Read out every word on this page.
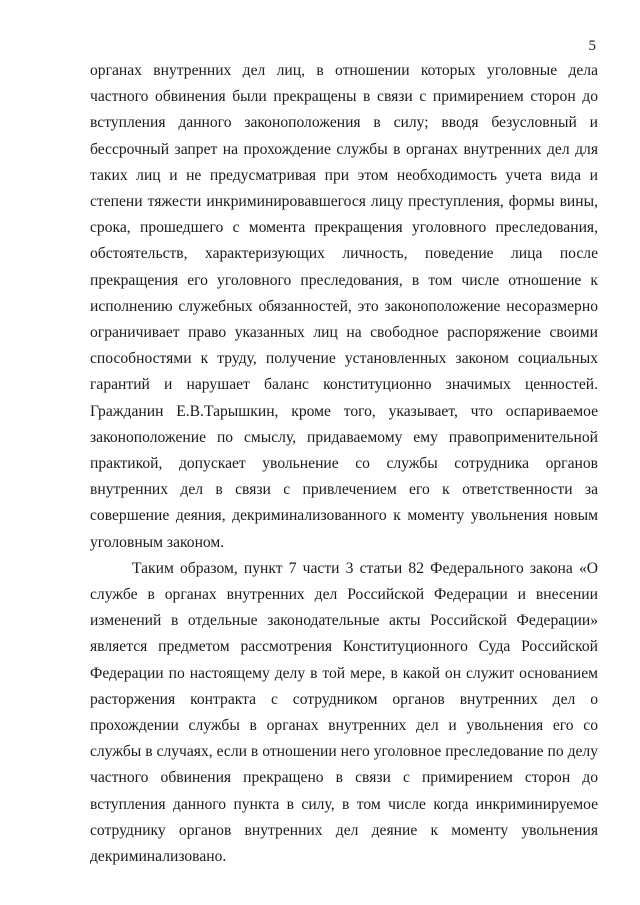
5

органах внутренних дел лиц, в отношении которых уголовные дела частного обвинения были прекращены в связи с примирением сторон до вступления данного законоположения в силу; вводя безусловный и бессрочный запрет на прохождение службы в органах внутренних дел для таких лиц и не предусматривая при этом необходимость учета вида и степени тяжести инкриминировавшегося лицу преступления, формы вины, срока, прошедшего с момента прекращения уголовного преследования, обстоятельств, характеризующих личность, поведение лица после прекращения его уголовного преследования, в том числе отношение к исполнению служебных обязанностей, это законоположение несоразмерно ограничивает право указанных лиц на свободное распоряжение своими способностями к труду, получение установленных законом социальных гарантий и нарушает баланс конституционно значимых ценностей. Гражданин Е.В.Тарышкин, кроме того, указывает, что оспариваемое законоположение по смыслу, придаваемому ему правоприменительной практикой, допускает увольнение со службы сотрудника органов внутренних дел в связи с привлечением его к ответственности за совершение деяния, декриминализованного к моменту увольнения новым уголовным законом.

Таким образом, пункт 7 части 3 статьи 82 Федерального закона «О службе в органах внутренних дел Российской Федерации и внесении изменений в отдельные законодательные акты Российской Федерации» является предметом рассмотрения Конституционного Суда Российской Федерации по настоящему делу в той мере, в какой он служит основанием расторжения контракта с сотрудником органов внутренних дел о прохождении службы в органах внутренних дел и увольнения его со службы в случаях, если в отношении него уголовное преследование по делу частного обвинения прекращено в связи с примирением сторон до вступления данного пункта в силу, в том числе когда инкриминируемое сотруднику органов внутренних дел деяние к моменту увольнения декриминализовано.
